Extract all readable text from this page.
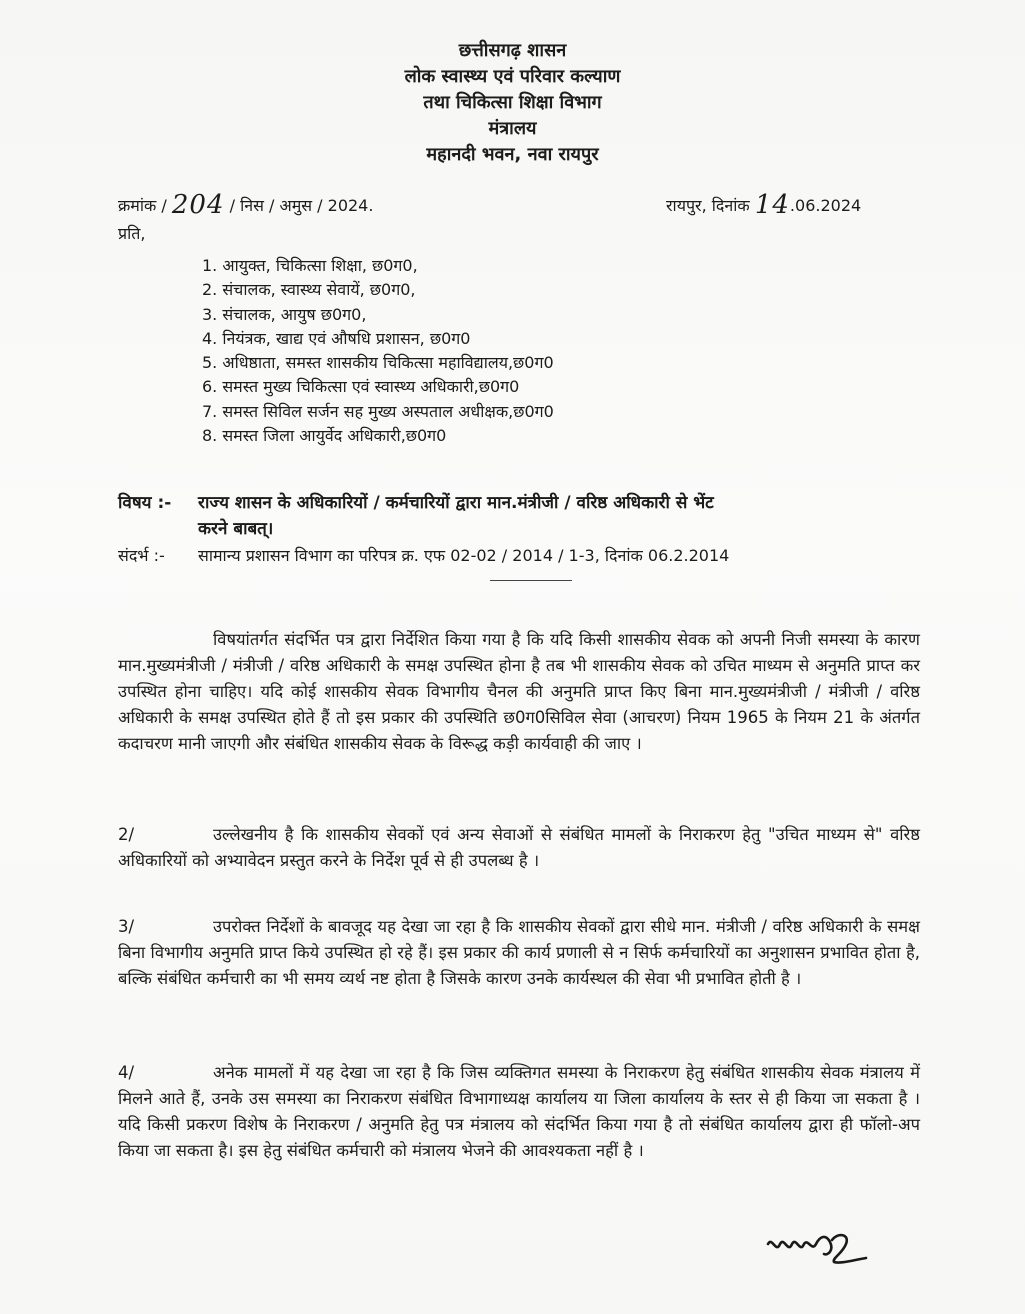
छत्तीसगढ़ शासन
लोक स्वास्थ्य एवं परिवार कल्याण
तथा चिकित्सा शिक्षा विभाग
मंत्रालय
महानदी भवन, नवा रायपुर
क्रमांक / 204 / निस / अमुस / 2024.	रायपुर, दिनांक 14.06.2024
प्रति,
1. आयुक्त, चिकित्सा शिक्षा, छ0ग0,
2. संचालक, स्वास्थ्य सेवायें, छ0ग0,
3. संचालक, आयुष छ0ग0,
4. नियंत्रक, खाद्य एवं औषधि प्रशासन, छ0ग0
5. अधिष्ठाता, समस्त शासकीय चिकित्सा महाविद्यालय,छ0ग0
6. समस्त मुख्य चिकित्सा एवं स्वास्थ्य अधिकारी,छ0ग0
7. समस्त सिविल सर्जन सह मुख्य अस्पताल अधीक्षक,छ0ग0
8. समस्त जिला आयुर्वेद अधिकारी,छ0ग0
विषय :- राज्य शासन के अधिकारियों / कर्मचारियों द्वारा मान.मंत्रीजी / वरिष्ठ अधिकारी से भेंट
करने बाबत्।
संदर्भ :- सामान्य प्रशासन विभाग का परिपत्र क्र. एफ 02-02 / 2014 / 1-3, दिनांक 06.2.2014
विषयांतर्गत संदर्भित पत्र द्वारा निर्देशित किया गया है कि यदि किसी शासकीय सेवक को अपनी निजी समस्या के कारण मान.मुख्यमंत्रीजी / मंत्रीजी / वरिष्ठ अधिकारी के समक्ष उपस्थित होना है तब भी शासकीय सेवक को उचित माध्यम से अनुमति प्राप्त कर उपस्थित होना चाहिए। यदि कोई शासकीय सेवक विभागीय चैनल की अनुमति प्राप्त किए बिना मान.मुख्यमंत्रीजी / मंत्रीजी / वरिष्ठ अधिकारी के समक्ष उपस्थित होते हैं तो इस प्रकार की उपस्थिति छ0ग0सिविल सेवा (आचरण) नियम 1965 के नियम 21 के अंतर्गत कदाचरण मानी जाएगी और संबंधित शासकीय सेवक के विरूद्ध कड़ी कार्यवाही की जाए ।
2/	उल्लेखनीय है कि शासकीय सेवकों एवं अन्य सेवाओं से संबंधित मामलों के निराकरण हेतु "उचित माध्यम से" वरिष्ठ अधिकारियों को अभ्यावेदन प्रस्तुत करने के निर्देश पूर्व से ही उपलब्ध है ।
3/	उपरोक्त निर्देशों के बावजूद यह देखा जा रहा है कि शासकीय सेवकों द्वारा सीधे मान. मंत्रीजी / वरिष्ठ अधिकारी के समक्ष बिना विभागीय अनुमति प्राप्त किये उपस्थित हो रहे हैं। इस प्रकार की कार्य प्रणाली से न सिर्फ कर्मचारियों का अनुशासन प्रभावित होता है, बल्कि संबंधित कर्मचारी का भी समय व्यर्थ नष्ट होता है जिसके कारण उनके कार्यस्थल की सेवा भी प्रभावित होती है ।
4/	अनेक मामलों में यह देखा जा रहा है कि जिस व्यक्तिगत समस्या के निराकरण हेतु संबंधित शासकीय सेवक मंत्रालय में मिलने आते हैं, उनके उस समस्या का निराकरण संबंधित विभागाध्यक्ष कार्यालय या जिला कार्यालय के स्तर से ही किया जा सकता है । यदि किसी प्रकरण विशेष के निराकरण / अनुमति हेतु पत्र मंत्रालय को संदर्भित किया गया है तो संबंधित कार्यालय द्वारा ही फॉलो-अप किया जा सकता है। इस हेतु संबंधित कर्मचारी को मंत्रालय भेजने की आवश्यकता नहीं है ।
